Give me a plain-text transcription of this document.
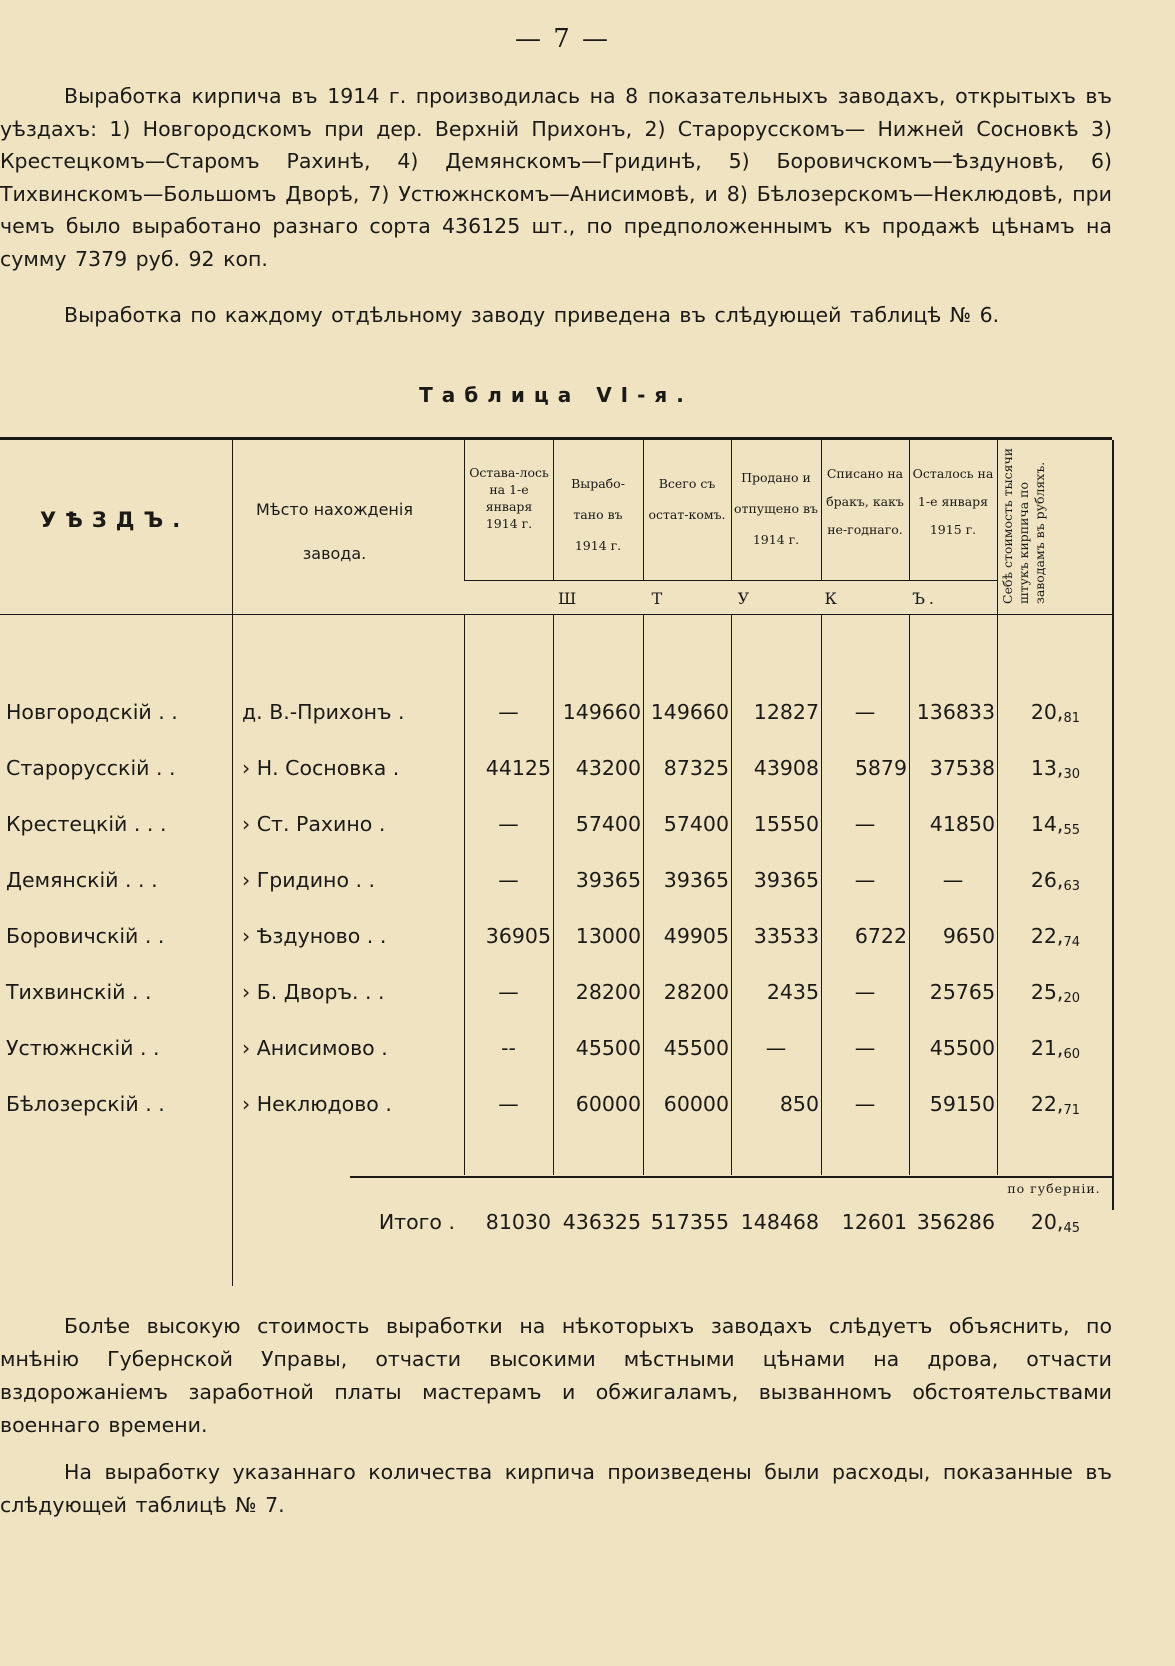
— 7 —
Выработка кирпича въ 1914 г. производилась на 8 показательныхъ заводахъ, открытыхъ въ уѣздахъ: 1) Новгородскомъ при дер. Верхній Прихонъ, 2) Старорусскомъ— Нижней Сосновкѣ 3) Крестецкомъ—Старомъ Рахинѣ, 4) Демянскомъ—Гридинѣ, 5) Боровичскомъ—Ѣздуновѣ, 6) Тихвинскомъ—Большомъ Дворѣ, 7) Устюжнскомъ—Анисимовѣ, и 8) Бѣлозерскомъ—Неклюдовѣ, при чемъ было выработано разнаго сорта 436125 шт., по предположеннымъ къ продажѣ цѣнамъ на сумму 7379 руб. 92 коп.
Выработка по каждому отдѣльному заводу приведена въ слѣдующей таблицѣ № 6.
Таблица VI-я.
УѢЗДЪ.	Мѣсто нахожденія завода.
Остава-лось на 1-е января 1914 г.
Вырабо-тано въ 1914 г.
Всего съ остат-комъ.
Продано и отпущено въ 1914 г.
Списано на бракъ, какъ не-годнаго.
Осталось на 1-е января 1915 г.	Себѣ стоимость тысячи штукъ кирпича по заводамъ въ рубляхъ.
Ш	Т	У	К	Ъ.
Новгородскій . .	д. В.-Прихонъ .	—	149660 149660	12827	—	136833	$20,_{81}$
Старорусскій . .	› Н. Сосновка .	44125	43200	87325	43908	5879	37538	$13,_{30}$
Крестецкій . . .	› Ст. Рахино .	—	57400	57400	15550	—	41850	$14,_{55}$
Демянскій . . .	› Гридино . .	—	39365	39365	39365	—	—	$26,_{63}$
Боровичскій . .	› Ѣздуново . .	36905	13000	49905	33533	6722	9650	$22,_{74}$
Тихвинскій . .	› Б. Дворъ. . .	—	28200	28200	2435	—	25765	$25,_{20}$
Устюжнскій . .	› Анисимово .	--	45500	45500	—	—	45500	$21,_{60}$
Бѣлозерскій . .	› Неклюдово .	—	60000	60000	850	—	59150	$22,_{71}$
по губерніи.
Итого .	81030 436325 517355 148468	12601 356286	$20,_{45}$
Болѣе высокую стоимость выработки на нѣкоторыхъ заводахъ слѣдуетъ объяснить, по мнѣнію Губернской Управы, отчасти высокими мѣстными цѣнами на дрова, отчасти вздорожаніемъ заработной платы мастерамъ и обжигаламъ, вызванномъ обстоятельствами военнаго времени.
На выработку указаннаго количества кирпича произведены были расходы, показанные въ слѣдующей таблицѣ № 7.
